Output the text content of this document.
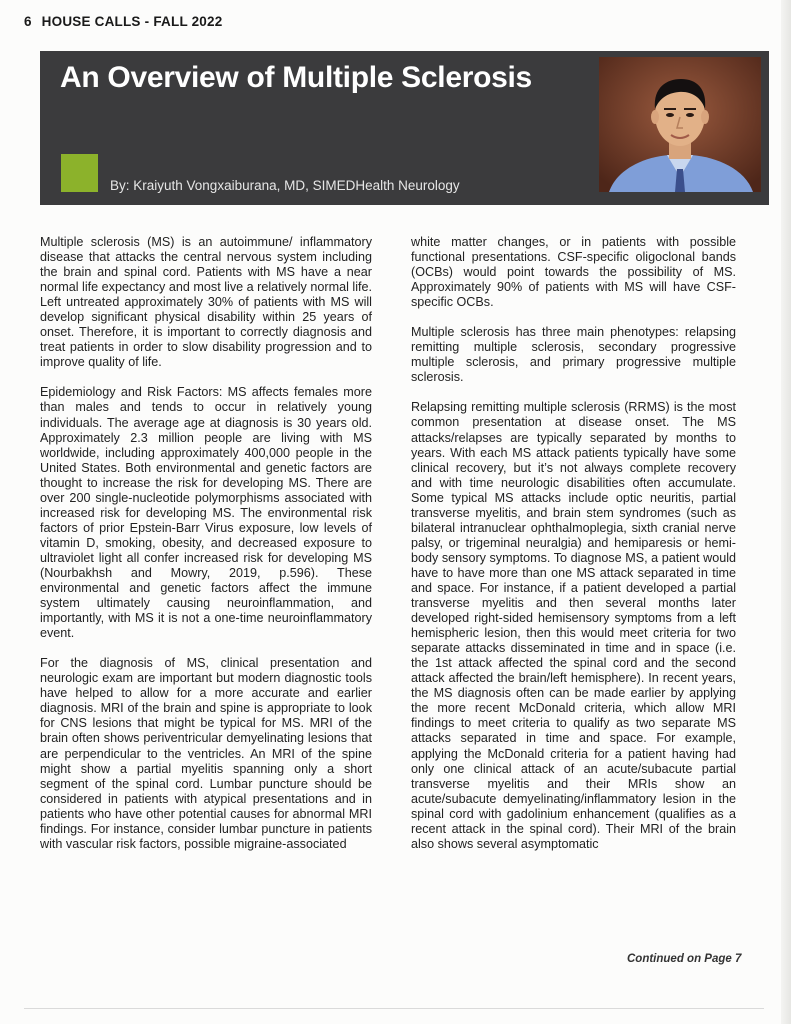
6 HOUSE CALLS - FALL 2022
An Overview of Multiple Sclerosis
By: Kraiyuth Vongxaiburana, MD, SIMEDHealth Neurology

Multiple sclerosis (MS) is an autoimmune/ inflammatory disease that attacks the central nervous system including the brain and spinal cord. Patients with MS have a near normal life expectancy and most live a relatively normal life. Left untreated approximately 30% of patients with MS will develop significant physical disability within 25 years of onset. Therefore, it is important to correctly diagnosis and treat patients in order to slow disability progression and to improve quality of life.

Epidemiology and Risk Factors: MS affects females more than males and tends to occur in relatively young individuals. The average age at diagnosis is 30 years old. Approximately 2.3 million people are living with MS worldwide, including approximately 400,000 people in the United States. Both environmental and genetic factors are thought to increase the risk for developing MS. There are over 200 single-nucleotide polymorphisms associated with increased risk for developing MS. The environmental risk factors of prior Epstein-Barr Virus exposure, low levels of vitamin D, smoking, obesity, and decreased exposure to ultraviolet light all confer increased risk for developing MS (Nourbakhsh and Mowry, 2019, p.596). These environmental and genetic factors affect the immune system ultimately causing neuroinflammation, and importantly, with MS it is not a one-time neuroinflammatory event.

For the diagnosis of MS, clinical presentation and neurologic exam are important but modern diagnostic tools have helped to allow for a more accurate and earlier diagnosis. MRI of the brain and spine is appropriate to look for CNS lesions that might be typical for MS. MRI of the brain often shows periventricular demyelinating lesions that are perpendicular to the ventricles. An MRI of the spine might show a partial myelitis spanning only a short segment of the spinal cord. Lumbar puncture should be considered in patients with atypical presentations and in patients who have other potential causes for abnormal MRI findings. For instance, consider lumbar puncture in patients with vascular risk factors, possible migraine-associated

white matter changes, or in patients with possible functional presentations. CSF-specific oligoclonal bands (OCBs) would point towards the possibility of MS. Approximately 90% of patients with MS will have CSF-specific OCBs.

Multiple sclerosis has three main phenotypes: relapsing remitting multiple sclerosis, secondary progressive multiple sclerosis, and primary progressive multiple sclerosis.

Relapsing remitting multiple sclerosis (RRMS) is the most common presentation at disease onset. The MS attacks/relapses are typically separated by months to years. With each MS attack patients typically have some clinical recovery, but it’s not always complete recovery and with time neurologic disabilities often accumulate. Some typical MS attacks include optic neuritis, partial transverse myelitis, and brain stem syndromes (such as bilateral intranuclear ophthalmoplegia, sixth cranial nerve palsy, or trigeminal neuralgia) and hemiparesis or hemi-body sensory symptoms. To diagnose MS, a patient would have to have more than one MS attack separated in time and space. For instance, if a patient developed a partial transverse myelitis and then several months later developed right-sided hemisensory symptoms from a left hemispheric lesion, then this would meet criteria for two separate attacks disseminated in time and in space (i.e. the 1st attack affected the spinal cord and the second attack affected the brain/left hemisphere). In recent years, the MS diagnosis often can be made earlier by applying the more recent McDonald criteria, which allow MRI findings to meet criteria to qualify as two separate MS attacks separated in time and space. For example, applying the McDonald criteria for a patient having had only one clinical attack of an acute/subacute partial transverse myelitis and their MRIs show an acute/subacute demyelinating/inflammatory lesion in the spinal cord with gadolinium enhancement (qualifies as a recent attack in the spinal cord). Their MRI of the brain also shows several asymptomatic

Continued on Page 7
